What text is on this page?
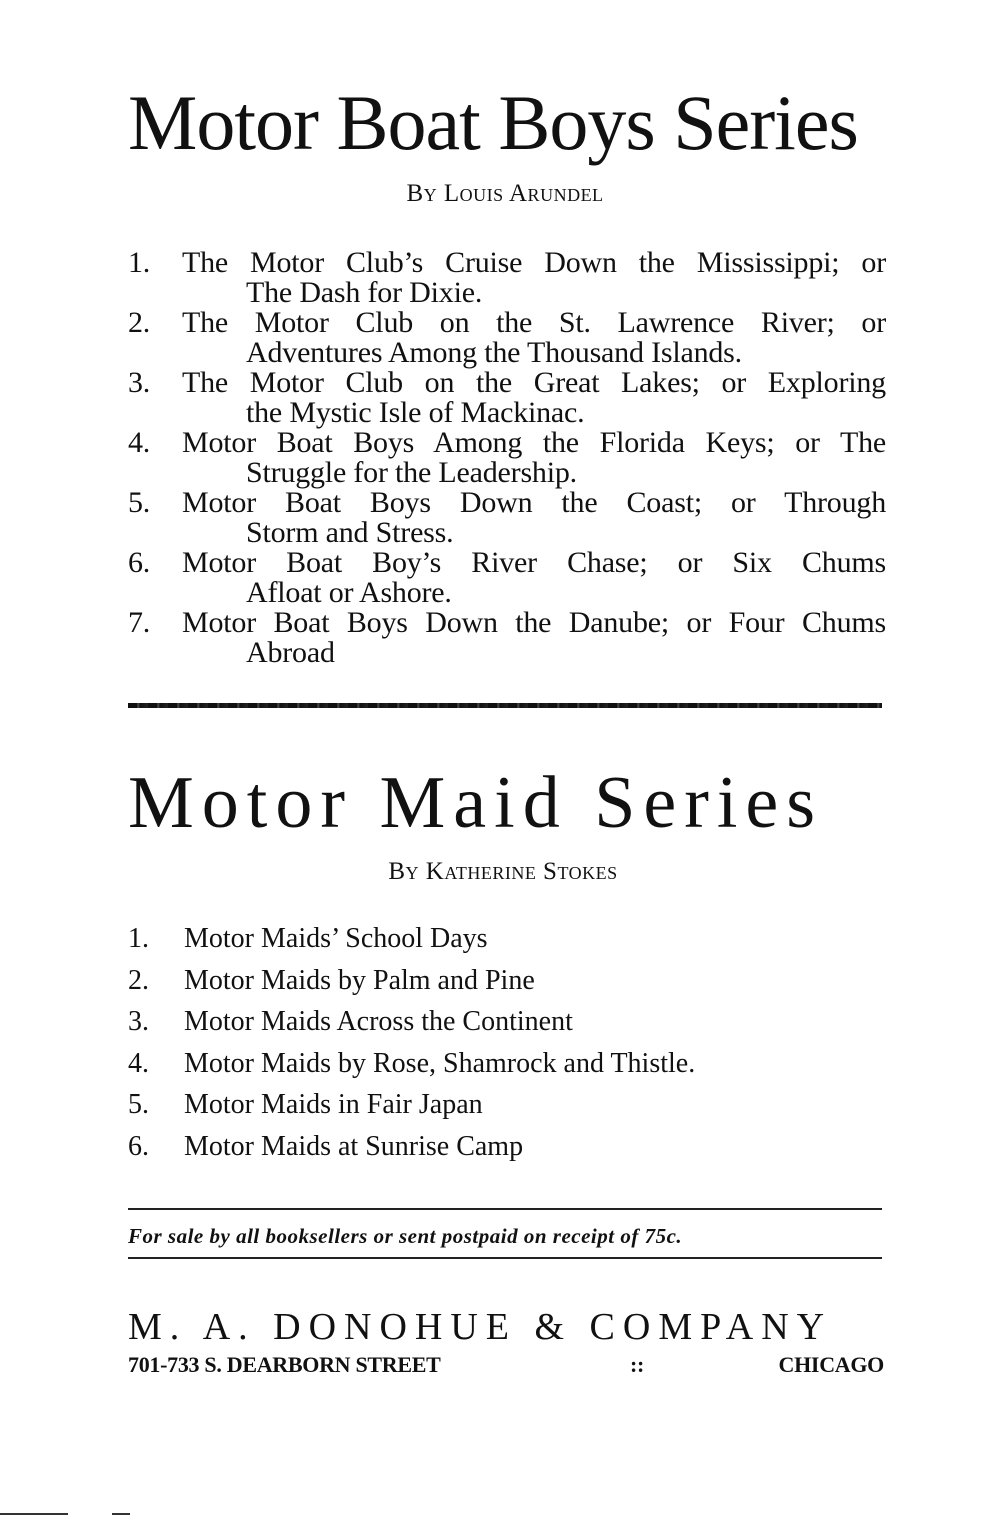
Motor Boat Boys Series
By Louis Arundel
1. The Motor Club’s Cruise Down the Mississippi; or
The Dash for Dixie.
2. The Motor Club on the St. Lawrence River; or
Adventures Among the Thousand Islands.
3. The Motor Club on the Great Lakes; or Exploring
the Mystic Isle of Mackinac.
4. Motor Boat Boys Among the Florida Keys; or The
Struggle for the Leadership.
5. Motor Boat Boys Down the Coast; or Through
Storm and Stress.
6. Motor Boat Boy’s River Chase; or Six Chums
Afloat or Ashore.
7. Motor Boat Boys Down the Danube; or Four Chums
Abroad
Motor Maid Series
By Katherine Stokes
1. Motor Maids’ School Days
2. Motor Maids by Palm and Pine
3. Motor Maids Across the Continent
4. Motor Maids by Rose, Shamrock and Thistle.
5. Motor Maids in Fair Japan
6. Motor Maids at Sunrise Camp
For sale by all booksellers or sent postpaid on receipt of 75c.
M. A. DONOHUE & COMPANY
701-733 S. DEARBORN STREET	::	CHICAGO
